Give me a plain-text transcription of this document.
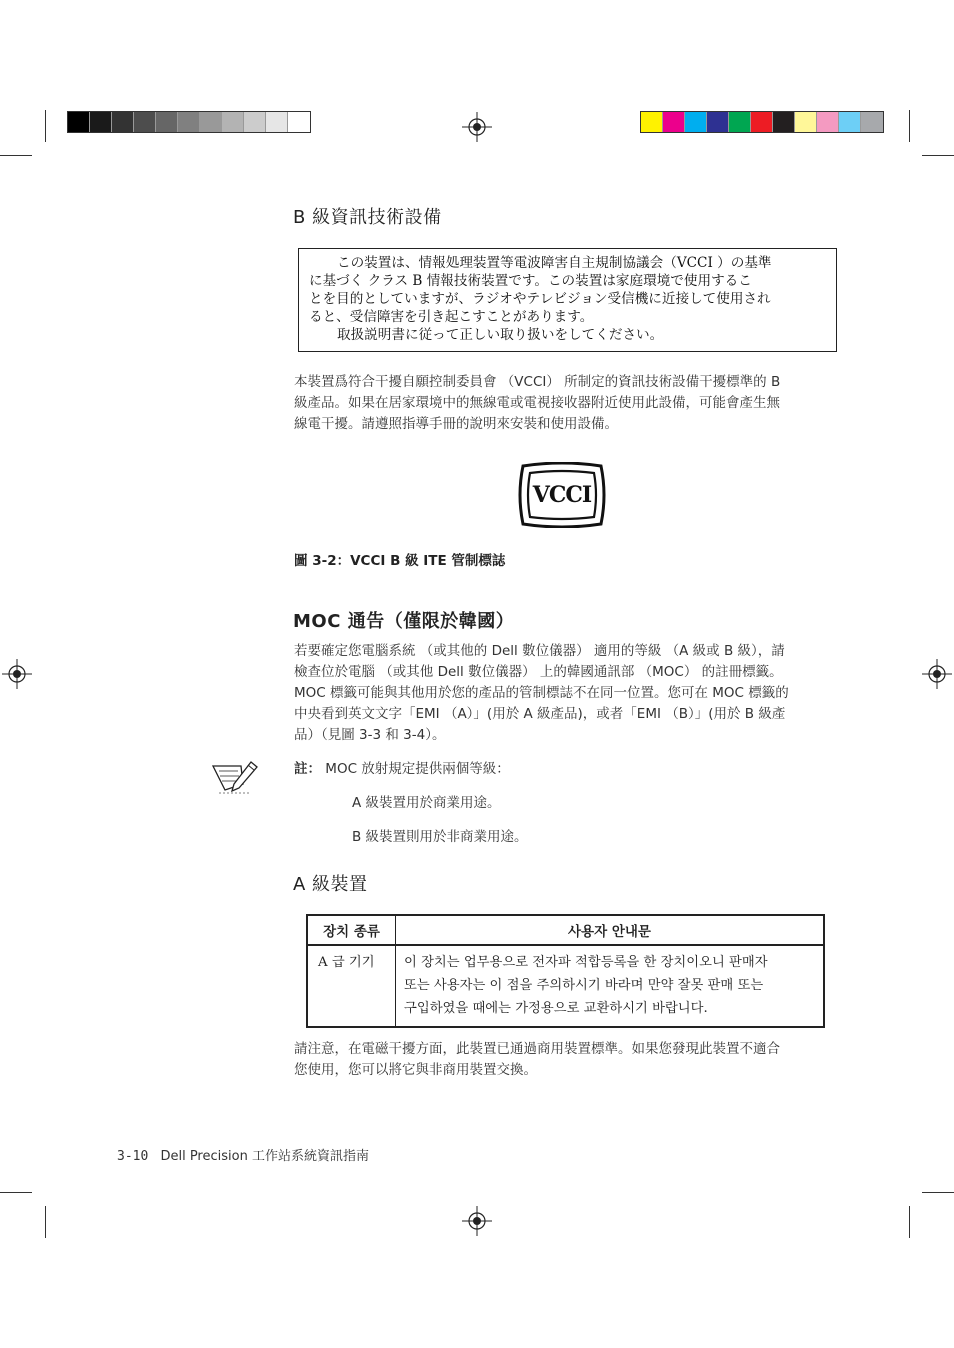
B 級資訊技術設備

この装置は、情報処理装置等電波障害自主規制協議会（VCCI ）の基準

に基づく クラス B 情報技術装置です。この装置は家庭環境で使用するこ

とを目的としていますが、ラジオやテレビジョン受信機に近接して使用され

ると、受信障害を引き起こすことがあります。

取扱説明書に従って正しい取り扱いをしてください。

本裝置爲符合干擾自願控制委員會 （VCCI） 所制定的資訊技術設備干擾標準的 B
級產品。如果在居家環境中的無線電或電視接收器附近使用此設備，可能會產生無
線電干擾。請遵照指導手冊的說明來安裝和使用設備。
VCCI
圖 3-2：VCCI B 級 ITE 管制標誌
MOC 通告（僅限於韓國）
若要確定您電腦系統 （或其他的 Dell 數位儀器） 適用的等級 （A 級或 B 級），請
檢查位於電腦 （或其他 Dell 數位儀器） 上的韓國通訊部 （MOC） 的註冊標籤。
MOC 標籤可能與其他用於您的產品的管制標誌不在同一位置。您可在 MOC 標籤的
中央看到英文文字「EMI （A）」(用於 A 級產品)，或者「EMI （B）」(用於 B 級產
品）（見圖 3-3 和 3-4）。
註： MOC 放射規定提供兩個等級：
A 級裝置用於商業用途。
B 級裝置則用於非商業用途。
A 級裝置
장치 종류	사용자 안내문
A 급 기기	이 장치는 업무용으로 전자파 적합등록을 한 장치이오니 판매자
또는 사용자는 이 점을 주의하시기 바라며 만약 잘못 판매 또는
구입하였을 때에는 가정용으로 교환하시기 바랍니다.
請注意，在電磁干擾方面，此裝置已通過商用裝置標準。如果您發現此裝置不適合
您使用，您可以將它與非商用裝置交換。
3-10 Dell Precision 工作站系統資訊指南
